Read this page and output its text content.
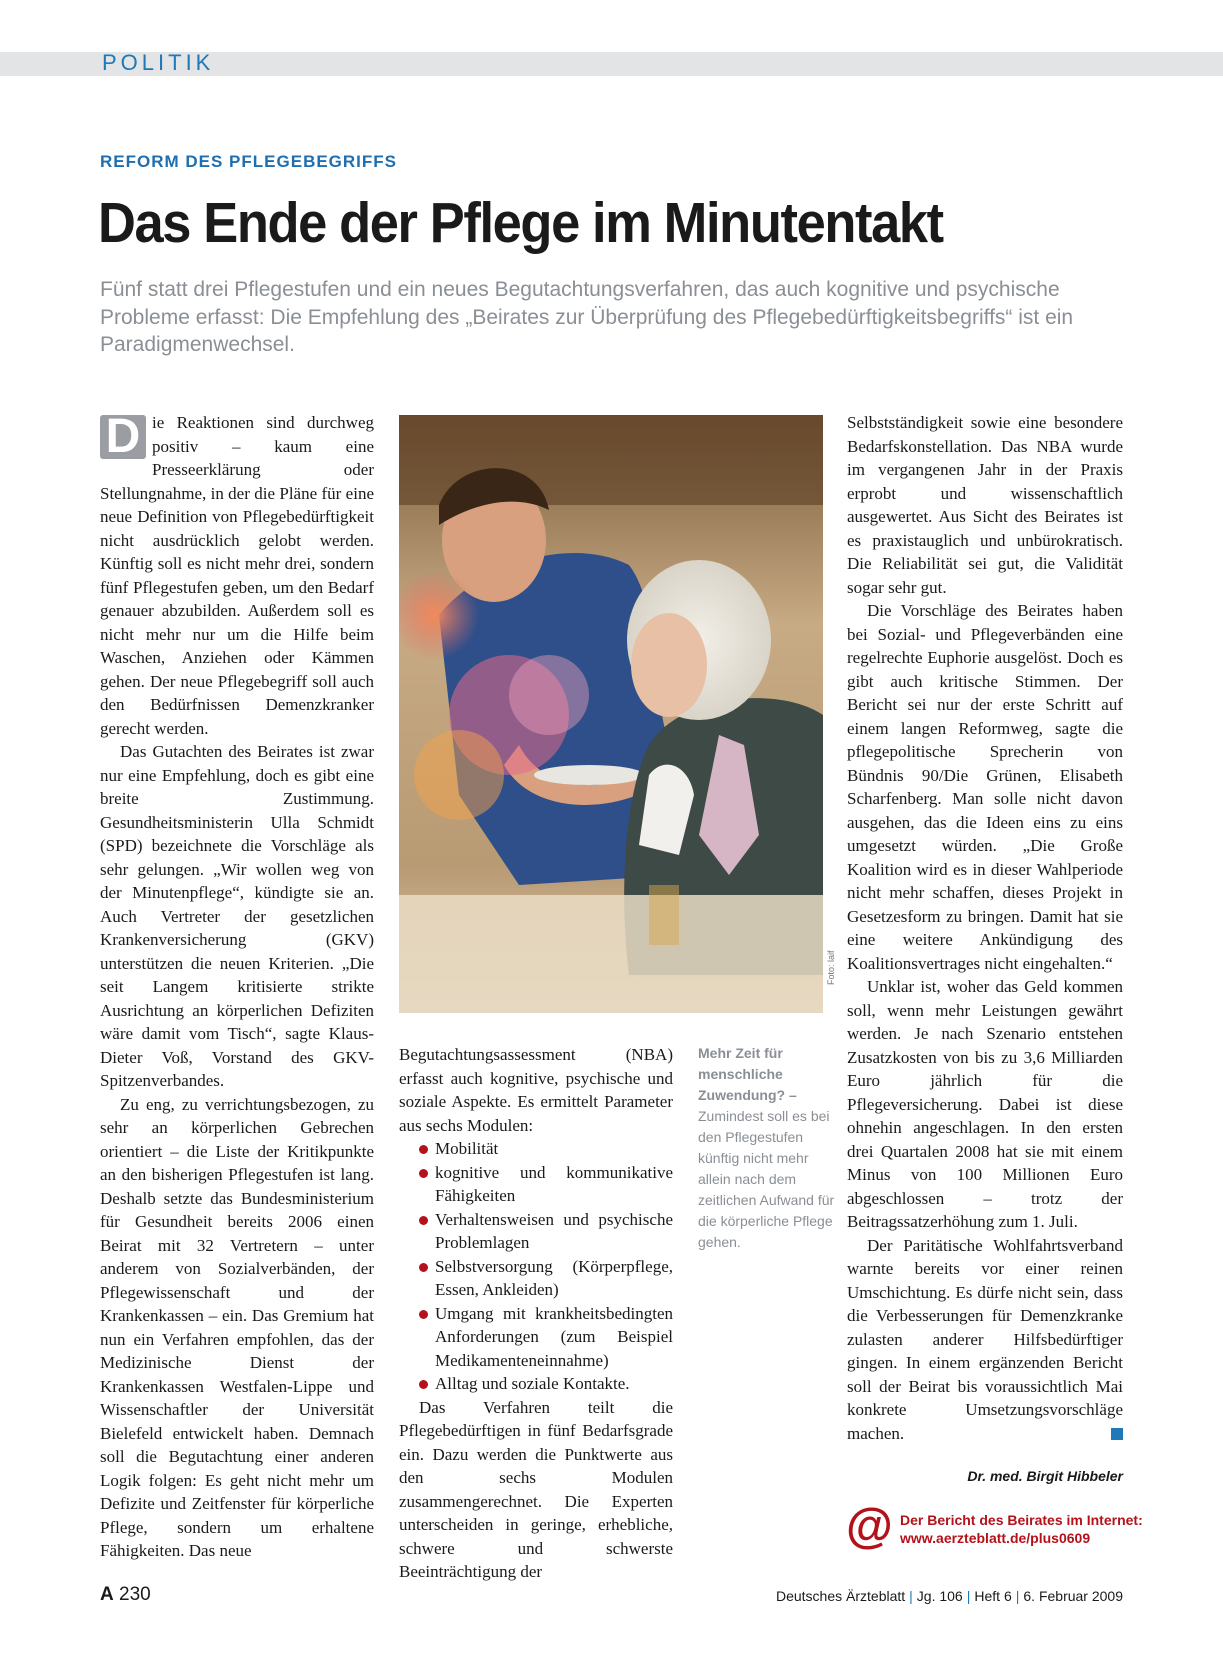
POLITIK
REFORM DES PFLEGEBEGRIFFS
Das Ende der Pflege im Minutentakt
Fünf statt drei Pflegestufen und ein neues Begutachtungsverfahren, das auch kognitive und psychische Probleme erfasst: Die Empfehlung des „Beirates zur Überprüfung des Pflegebedürftigkeitsbegriffs“ ist ein Paradigmenwechsel.

D ie Reaktionen sind durchweg positiv – kaum eine Presseerklärung oder Stellungnahme, in der die Pläne für eine neue Definition von Pflegebedürftigkeit nicht ausdrücklich gelobt werden. Künftig soll es nicht mehr drei, sondern fünf Pflegestufen geben, um den Bedarf genauer abzubilden. Außerdem soll es nicht mehr nur um die Hilfe beim Waschen, Anziehen oder Kämmen gehen. Der neue Pflegebegriff soll auch den Bedürfnissen Demenzkranker gerecht werden.

Das Gutachten des Beirates ist zwar nur eine Empfehlung, doch es gibt eine breite Zustimmung. Gesundheitsministerin Ulla Schmidt (SPD) bezeichnete die Vorschläge als sehr gelungen. „Wir wollen weg von der Minutenpflege“, kündigte sie an. Auch Vertreter der gesetzlichen Krankenversicherung (GKV) unterstützen die neuen Kriterien. „Die seit Langem kritisierte strikte Ausrichtung an körperlichen Defiziten wäre damit vom Tisch“, sagte Klaus-Dieter Voß, Vorstand des GKV-Spitzenverbandes.

Zu eng, zu verrichtungsbezogen, zu sehr an körperlichen Gebrechen orientiert – die Liste der Kritikpunkte an den bisherigen Pflegestufen ist lang. Deshalb setzte das Bundesministerium für Gesundheit bereits 2006 einen Beirat mit 32 Vertretern – unter anderem von Sozialverbänden, der Pflegewissenschaft und der Krankenkassen – ein. Das Gremium hat nun ein Verfahren empfohlen, das der Medizinische Dienst der Krankenkassen Westfalen-Lippe und Wissenschaftler der Universität Bielefeld entwickelt haben. Demnach soll die Begutachtung einer anderen Logik folgen: Es geht nicht mehr um Defizite und Zeitfenster für körperliche Pflege, sondern um erhaltene Fähigkeiten. Das neue

Foto: laif
Mehr Zeit für menschliche Zuwendung? –
Zumindest soll es bei den Pflegestufen künftig nicht mehr allein nach dem zeitlichen Aufwand für die körperliche Pflege gehen.

Begutachtungsassessment (NBA) erfasst auch kognitive, psychische und soziale Aspekte. Es ermittelt Parameter aus sechs Modulen:

Mobilität
kognitive und kommunikative Fähigkeiten
Verhaltensweisen und psychische Problemlagen
Selbstversorgung (Körperpflege, Essen, Ankleiden)
Umgang mit krankheitsbedingten Anforderungen (zum Beispiel Medikamenteneinnahme)
Alltag und soziale Kontakte.

Das Verfahren teilt die Pflegebedürftigen in fünf Bedarfsgrade ein. Dazu werden die Punktwerte aus den sechs Modulen zusammengerechnet. Die Experten unterscheiden in geringe, erhebliche, schwere und schwerste Beeinträchtigung der

Selbstständigkeit sowie eine besondere Bedarfskonstellation. Das NBA wurde im vergangenen Jahr in der Praxis erprobt und wissenschaftlich ausgewertet. Aus Sicht des Beirates ist es praxistauglich und unbürokratisch. Die Reliabilität sei gut, die Validität sogar sehr gut.

Die Vorschläge des Beirates haben bei Sozial- und Pflegeverbänden eine regelrechte Euphorie ausgelöst. Doch es gibt auch kritische Stimmen. Der Bericht sei nur der erste Schritt auf einem langen Reformweg, sagte die pflegepolitische Sprecherin von Bündnis 90/Die Grünen, Elisabeth Scharfenberg. Man solle nicht davon ausgehen, das die Ideen eins zu eins umgesetzt würden. „Die Große Koalition wird es in dieser Wahlperiode nicht mehr schaffen, dieses Projekt in Gesetzesform zu bringen. Damit hat sie eine weitere Ankündigung des Koalitionsvertrages nicht eingehalten.“

Unklar ist, woher das Geld kommen soll, wenn mehr Leistungen gewährt werden. Je nach Szenario entstehen Zusatzkosten von bis zu 3,6 Milliarden Euro jährlich für die Pflegeversicherung. Dabei ist diese ohnehin angeschlagen. In den ersten drei Quartalen 2008 hat sie mit einem Minus von 100 Millionen Euro abgeschlossen – trotz der Beitragssatzerhöhung zum 1. Juli.

Der Paritätische Wohlfahrtsverband warnte bereits vor einer reinen Umschichtung. Es dürfe nicht sein, dass die Verbesserungen für Demenzkranke zulasten anderer Hilfsbedürftiger gingen. In einem ergänzenden Bericht soll der Beirat bis voraussichtlich Mai konkrete Umsetzungsvorschläge machen.

Dr. med. Birgit Hibbeler
@ Der Bericht des Beirates im Internet:
www.aerzteblatt.de/plus0609
A 230	Deutsches Ärzteblatt | Jg. 106 | Heft 6 | 6. Februar 2009
